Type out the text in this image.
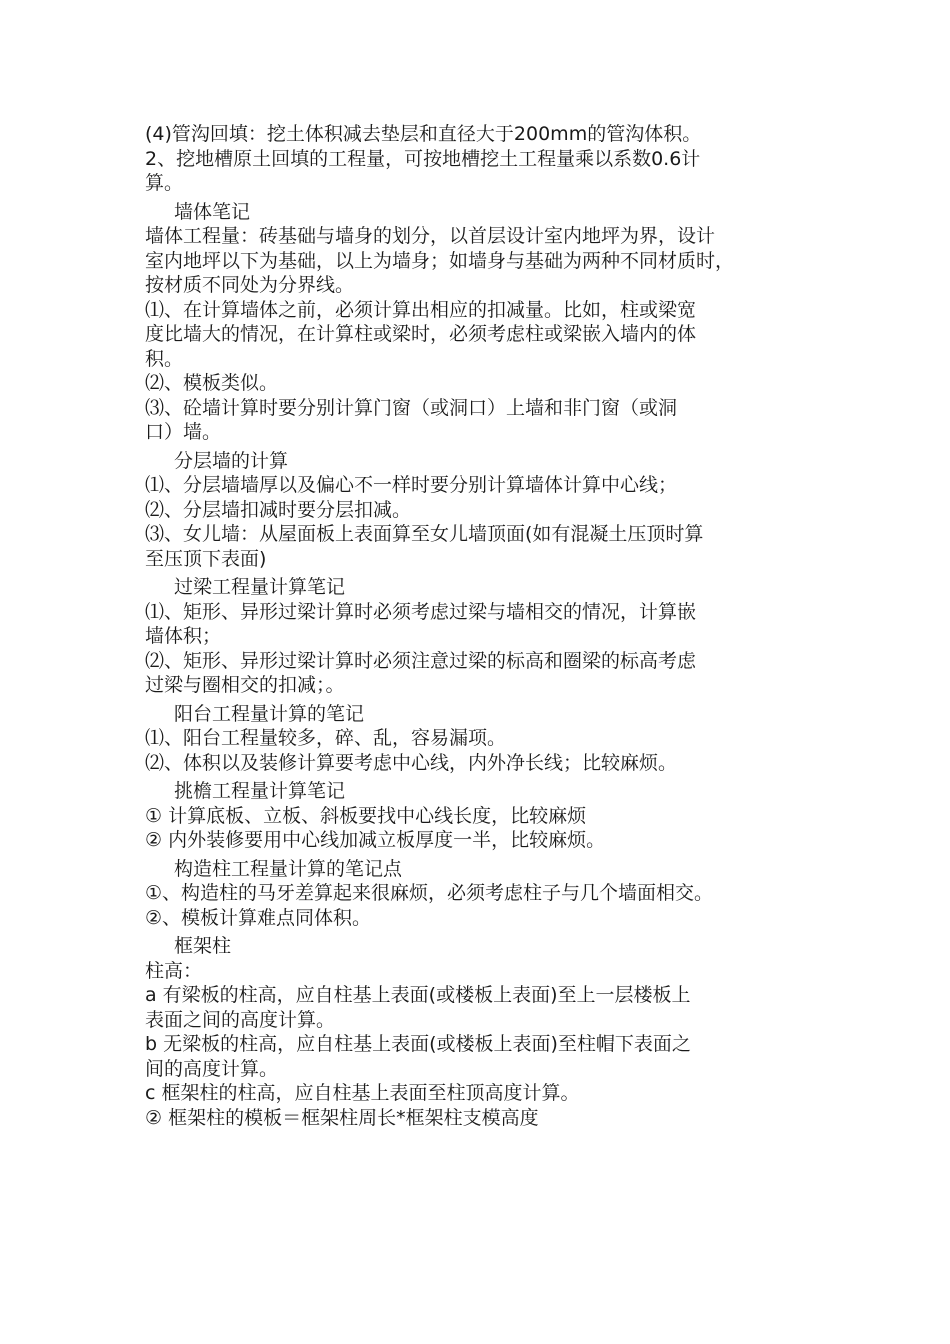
(4)管沟回填：挖土体积减去垫层和直径大于200mm的管沟体积。
2、挖地槽原土回填的工程量，可按地槽挖土工程量乘以系数0.6计
算。
墙体笔记
墙体工程量：砖基础与墙身的划分，以首层设计室内地坪为界，设计
室内地坪以下为基础，以上为墙身；如墙身与基础为两种不同材质时，
按材质不同处为分界线。
⑴、在计算墙体之前，必须计算出相应的扣减量。比如，柱或梁宽
度比墙大的情况，在计算柱或梁时，必须考虑柱或梁嵌入墙内的体
积。
⑵、模板类似。
⑶、砼墙计算时要分别计算门窗（或洞口）上墙和非门窗（或洞
口）墙。
分层墙的计算
⑴、分层墙墙厚以及偏心不一样时要分别计算墙体计算中心线；
⑵、分层墙扣减时要分层扣减。
⑶、女儿墙：从屋面板上表面算至女儿墙顶面(如有混凝土压顶时算
至压顶下表面)
过梁工程量计算笔记
⑴、矩形、异形过梁计算时必须考虑过梁与墙相交的情况，计算嵌
墙体积；
⑵、矩形、异形过梁计算时必须注意过梁的标高和圈梁的标高考虑
过梁与圈相交的扣减；。
阳台工程量计算的笔记
⑴、阳台工程量较多，碎、乱，容易漏项。
⑵、体积以及装修计算要考虑中心线，内外净长线；比较麻烦。
挑檐工程量计算笔记
① 计算底板、立板、斜板要找中心线长度，比较麻烦
② 内外装修要用中心线加减立板厚度一半，比较麻烦。
构造柱工程量计算的笔记点
①、构造柱的马牙差算起来很麻烦，必须考虑柱子与几个墙面相交。
②、模板计算难点同体积。
框架柱
柱高：
a 有梁板的柱高，应自柱基上表面(或楼板上表面)至上一层楼板上
表面之间的高度计算。
b 无梁板的柱高，应自柱基上表面(或楼板上表面)至柱帽下表面之
间的高度计算。
c 框架柱的柱高，应自柱基上表面至柱顶高度计算。
② 框架柱的模板＝框架柱周长*框架柱支模高度
